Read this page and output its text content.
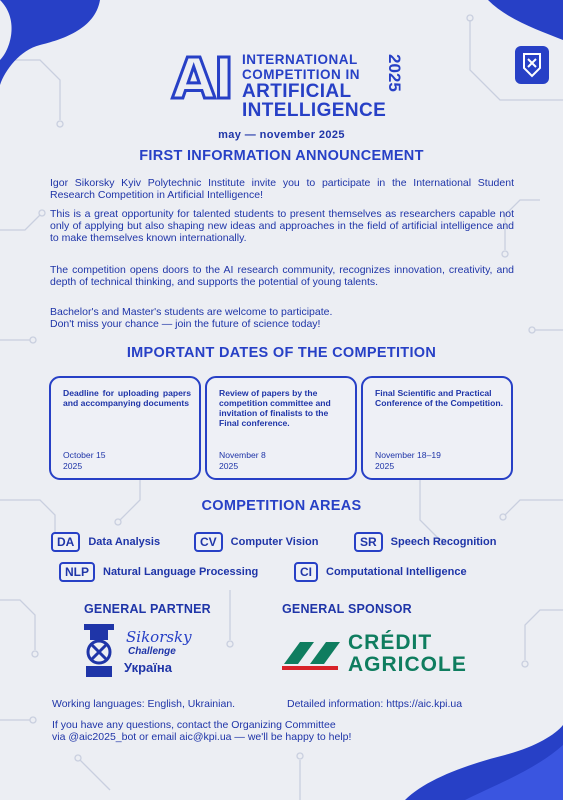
AI INTERNATIONAL
COMPETITION IN
ARTIFICIAL
INTELLIGENCE
2025
may — november 2025
FIRST INFORMATION ANNOUNCEMENT
Igor Sikorsky Kyiv Polytechnic Institute invite you to participate in the International Student Research Competition in Artificial Intelligence!
This is a great opportunity for talented students to present themselves as researchers capable not only of applying but also shaping new ideas and approaches in the field of artificial intelligence and to make themselves known internationally.
The competition opens doors to the AI research community, recognizes innovation, creativity, and depth of technical thinking, and supports the potential of young talents.
Bachelor's and Master's students are welcome to participate.
Don't miss your chance — join the future of science today!
IMPORTANT DATES OF THE COMPETITION
Deadline for uploading papers and accompanying documents
October 15
2025
Review of papers by the competition committee and invitation of finalists to the Final conference.
November 8
2025
Final Scientific and Practical Conference of the Competition.
November 18–19
2025
COMPETITION AREAS
DA	Data Analysis	CV	Computer Vision	SR	Speech Recognition
NLP	Natural Language Processing	CI	Computational Intelligence
GENERAL PARTNER	GENERAL SPONSOR
Sikorsky
Challenge
Україна
CRÉDIT
AGRICOLE
Working languages: English, Ukrainian.	Detailed information: https://aic.kpi.ua
If you have any questions, contact the Organizing Committee
via @aic2025_bot or email aic@kpi.ua — we'll be happy to help!
